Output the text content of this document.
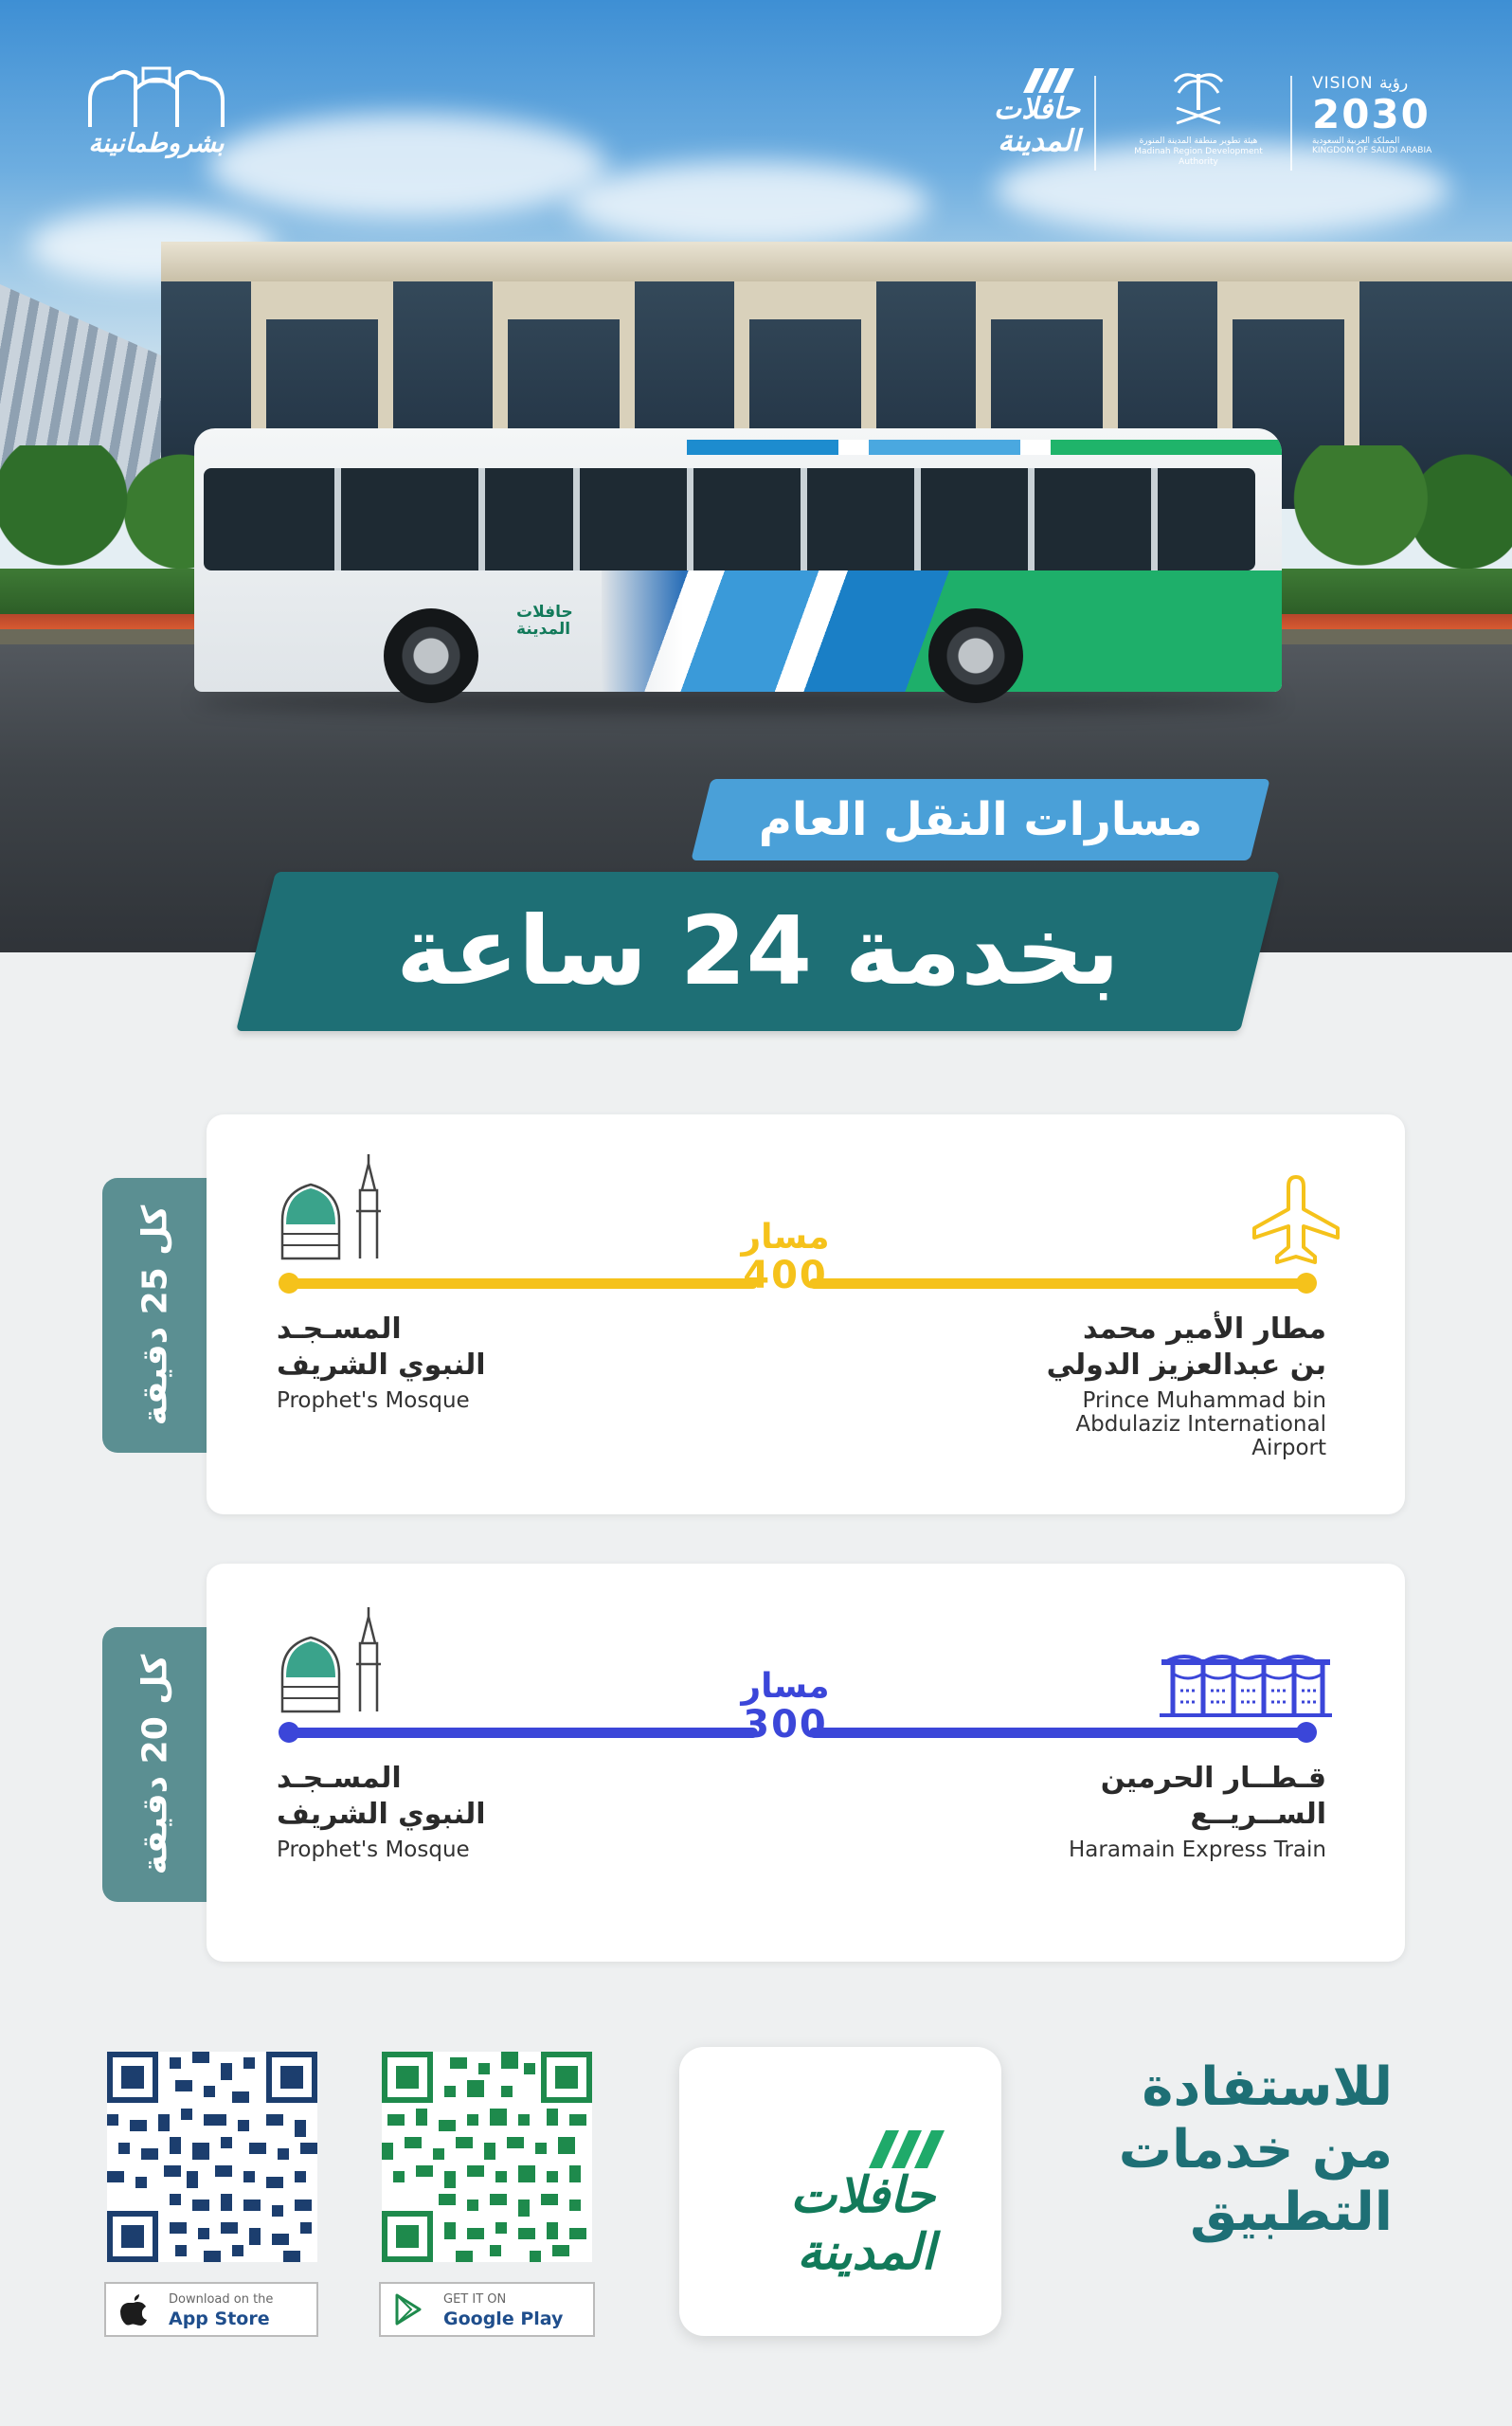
حافلات
المدينة
بشروطمانينة
حافلات
المدينة	هيئة تطوير منطقة المدينة المنورة
Madinah Region Development Authority
VISION رؤية
2030
المملكة العربية السعودية
KINGDOM OF SAUDI ARABIA
مسارات النقل العام
بخدمة 24 ساعة
كل 25 دقيقة	مسار
400
المسـجـد
النبوي الشريف
Prophet's Mosque
مطار الأمير محمد
بن عبدالعزيز الدولي
Prince Muhammad bin
Abdulaziz International
Airport
كل 20 دقيقة	مسار
300
المسـجـد
النبوي الشريف
Prophet's Mosque
قـطــار الحرمين
الســريــع
Haramain Express Train
Download on the
App Store
GET IT ON
Google Play
حافلات
المدينة
للاستفادة
من خدمات
التطبيق
